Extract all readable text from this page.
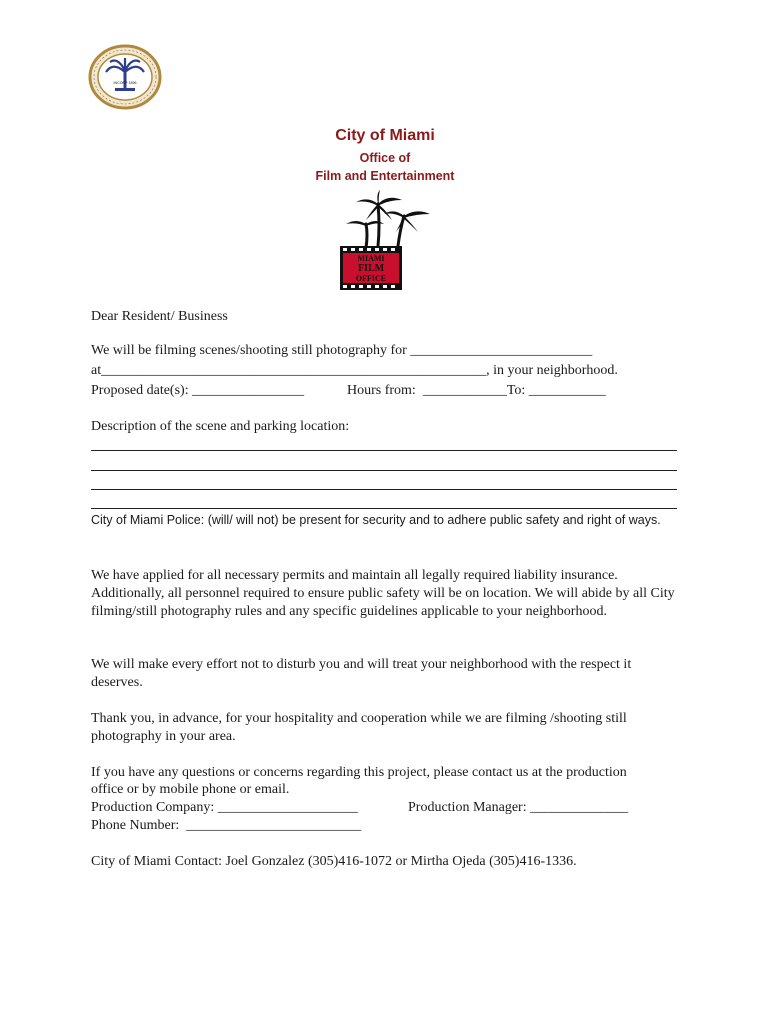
INCORP 1896
City of Miami
Office of
Film and Entertainment
MIAMI
FILM
OFFICE
Dear Resident/ Business
We will be filming scenes/shooting still photography for __________________________
at_______________________________________________________, in your neighborhood.
Proposed date(s): ________________	Hours from:  ____________To: ___________
Description of the scene and parking location:
City of Miami Police: (will/ will not) be present for security and to adhere public safety and right of ways.
We have applied for all necessary permits and maintain all legally required liability insurance. Additionally, all personnel required to ensure public safety will be on location. We will abide by all City filming/still photography rules and any specific guidelines applicable to your neighborhood.
We will make every effort not to disturb you and will treat your neighborhood with the respect it deserves.
Thank you, in advance, for your hospitality and cooperation while we are filming /shooting still photography in your area.
If you have any questions or concerns regarding this project, please contact us at the production
office or by mobile phone or email.
Production Company: ____________________	Production Manager: ______________
Phone Number:  _________________________
City of Miami Contact: Joel Gonzalez (305)416-1072 or Mirtha Ojeda (305)416-1336.
